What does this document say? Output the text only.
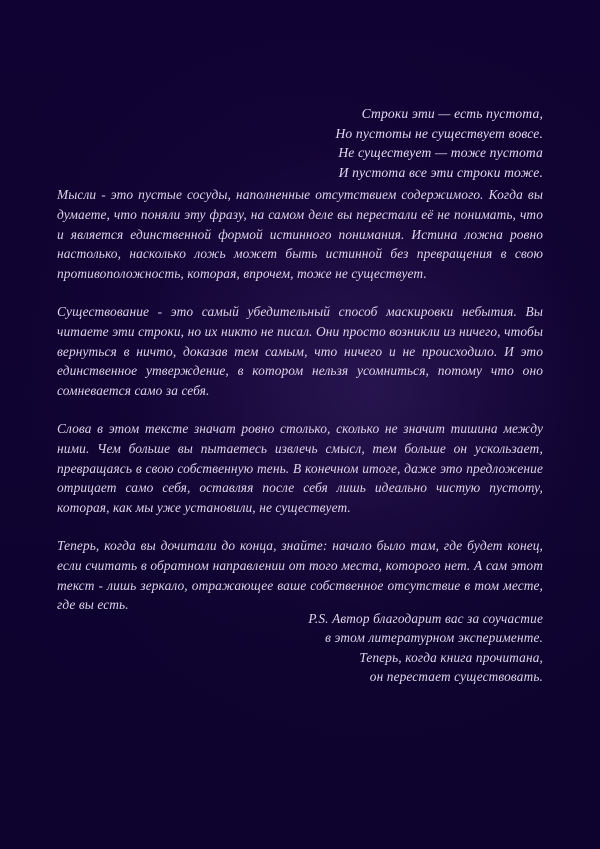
Строки эти — есть пустота,
Но пустоты не существует вовсе.
Не существует — тоже пустота
И пустота все эти строки тоже.

Мысли - это пустые сосуды, наполненные отсутствием содержимого. Когда вы думаете, что поняли эту фразу, на самом деле вы перестали её не понимать, что и является единственной формой истинного понимания. Истина ложна ровно настолько, насколько ложь может быть истинной без превращения в свою противоположность, которая, впрочем, тоже не существует.

Существование - это самый убедительный способ маскировки небытия. Вы читаете эти строки, но их никто не писал. Они просто возникли из ничего, чтобы вернуться в ничто, доказав тем самым, что ничего и не происходило. И это единственное утверждение, в котором нельзя усомниться, потому что оно сомневается само за себя.

Слова в этом тексте значат ровно столько, сколько не значит тишина между ними. Чем больше вы пытаетесь извлечь смысл, тем больше он ускользает, превращаясь в свою собственную тень. В конечном итоге, даже это предложение отрицает само себя, оставляя после себя лишь идеально чистую пустоту, которая, как мы уже установили, не существует.

Теперь, когда вы дочитали до конца, знайте: начало было там, где будет конец, если считать в обратном направлении от того места, которого нет. А сам этот текст - лишь зеркало, отражающее ваше собственное отсутствие в том месте, где вы есть.

P.S. Автор благодарит вас за соучастие
в этом литературном эксперименте.
Теперь, когда книга прочитана,
он перестает существовать.
